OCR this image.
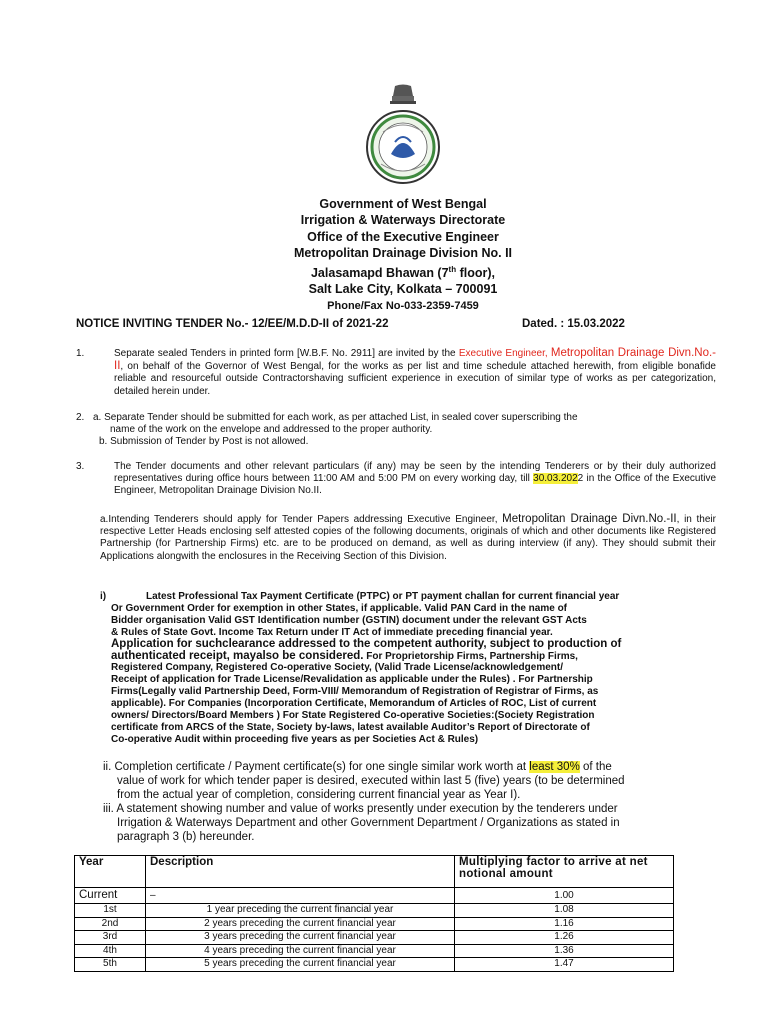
Government of West Bengal
Irrigation & Waterways Directorate
Office of the Executive Engineer
Metropolitan Drainage Division No. II
Jalasamapd Bhawan (7th floor),
Salt Lake City, Kolkata – 700091
Phone/Fax No-033-2359-7459
NOTICE INVITING TENDER No.- 12/EE/M.D.D-II of 2021-22	Dated. : 15.03.2022
1.	Separate sealed Tenders in printed form [W.B.F. No. 2911] are invited by the Executive Engineer, Metropolitan Drainage Divn.No.-II, on behalf of the Governor of West Bengal, for the works as per list and time schedule attached herewith, from eligible bonafide reliable and resourceful outside Contractorshaving sufficient experience in execution of similar type of works as per categorization, detailed herein under.
2. a. Separate Tender should be submitted for each work, as per attached List, in sealed cover superscribing the
name of the work on the envelope and addressed to the proper authority.
b. Submission of Tender by Post is not allowed.
3.	The Tender documents and other relevant particulars (if any) may be seen by the intending Tenderers or by their duly authorized representatives during office hours between 11:00 AM and 5:00 PM on every working day, till 30.03.2022 in the Office of the Executive Engineer, Metropolitan Drainage Division No.II.
a.Intending Tenderers should apply for Tender Papers addressing Executive Engineer, Metropolitan Drainage Divn.No.-II, in their respective Letter Heads enclosing self attested copies of the following documents, originals of which and other documents like Registered Partnership (for Partnership Firms) etc. are to be produced on demand, as well as during interview (if any). They should submit their Applications alongwith the enclosures in the Receiving Section of this Division.
i)	Latest Professional Tax Payment Certificate (PTPC) or PT payment challan for current financial year
Or Government Order for exemption in other States, if applicable. Valid PAN Card in the name of
Bidder organisation Valid GST Identification number (GSTIN) document under the relevant GST Acts
& Rules of State Govt. Income Tax Return under IT Act of immediate preceding financial year.
Application for suchclearance addressed to the competent authority, subject to production of
authenticated receipt, mayalso be considered. For Proprietorship Firms, Partnership Firms,
Registered Company, Registered Co-operative Society, (Valid Trade License/acknowledgement/
Receipt of application for Trade License/Revalidation as applicable under the Rules) . For Partnership
Firms(Legally valid Partnership Deed, Form-VIII/ Memorandum of Registration of Registrar of Firms, as
applicable). For Companies (Incorporation Certificate, Memorandum of Articles of ROC, List of current
owners/ Directors/Board Members ) For State Registered Co-operative Societies:(Society Registration
certificate from ARCS of the State, Society by-laws, latest available Auditor’s Report of Directorate of
Co-operative Audit within proceeding five years as per Societies Act & Rules)
ii. Completion certificate / Payment certificate(s) for one single similar work worth at least 30% of the
value of work for which tender paper is desired, executed within last 5 (five) years (to be determined
from the actual year of completion, considering current financial year as Year I).
iii. A statement showing number and value of works presently under execution by the tenderers under
Irrigation & Waterways Department and other Government Department / Organizations as stated in
paragraph 3 (b) hereunder.
Year	Description	Multiplying factor to arrive at net notional amount
Current	–	1.00
1st	1 year preceding the current financial year	1.08
2nd	2 years preceding the current financial year	1.16
3rd	3 years preceding the current financial year	1.26
4th	4 years preceding the current financial year	1.36
5th	5 years preceding the current financial year	1.47
